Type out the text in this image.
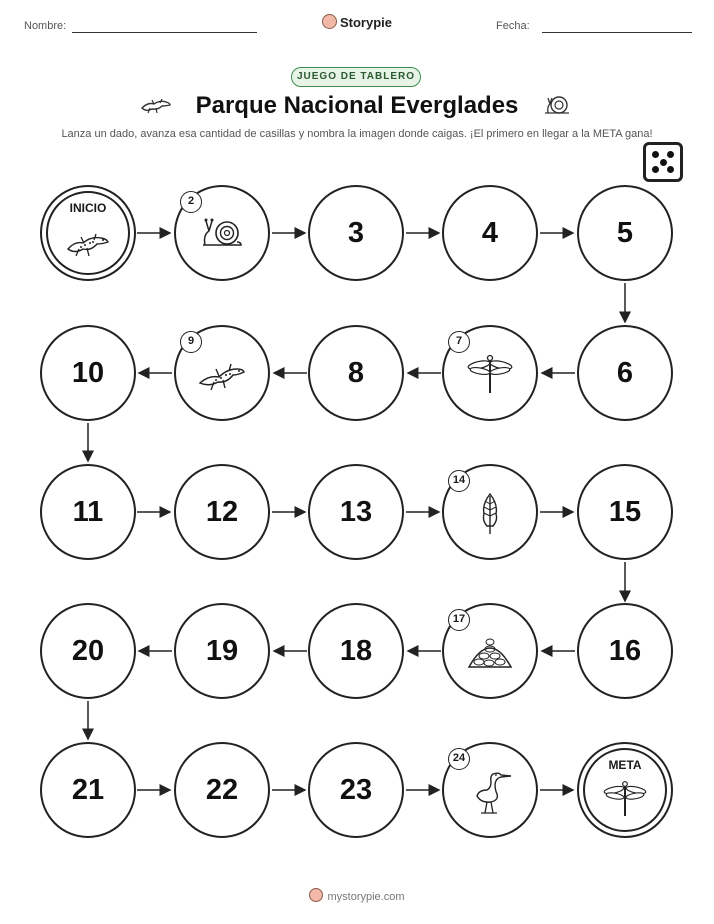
Nombre:	Storypie	Fecha:
JUEGO DE TABLERO
Parque Nacional Everglades
Lanza un dado, avanza esa cantidad de casillas y nombra la imagen donde caigas. ¡El primero en llegar a la META gana!
INICIO	2
3	4	5
6
7
8
9
10
11	12	13
14
15
16
17
18
19
20
21	22	23
24	META
mystorypie.com
